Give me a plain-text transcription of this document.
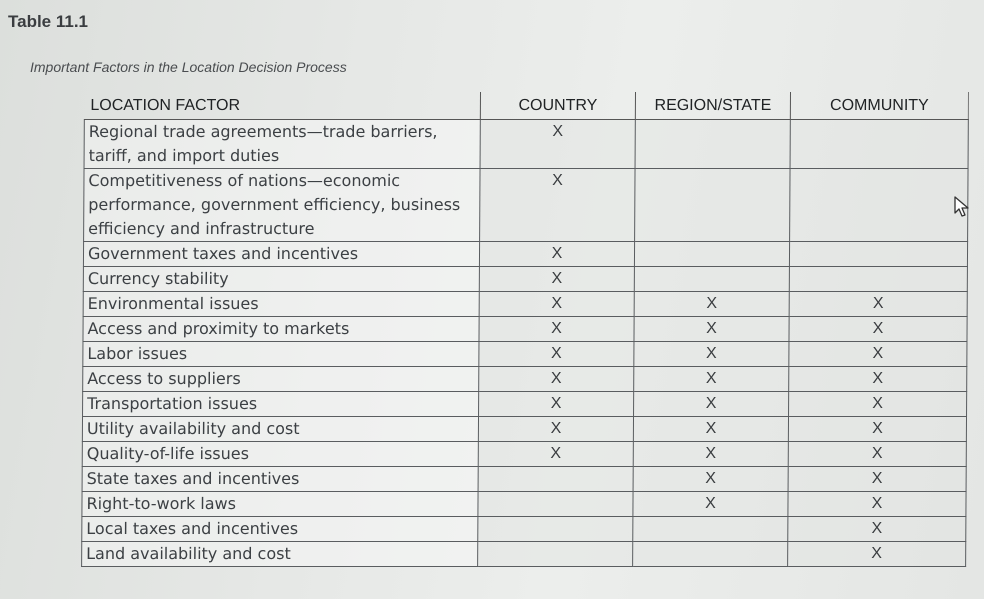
Table 11.1
Important Factors in the Location Decision Process
LOCATION FACTOR	COUNTRY	REGION/STATE	COMMUNITY
Regional trade agreements—trade barriers, tariff, and import duties	X		
Competitiveness of nations—economic performance, government efficiency, business efficiency and infrastructure	X		
Government taxes and incentives	X		
Currency stability	X		
Environmental issues	X	X	X
Access and proximity to markets	X	X	X
Labor issues	X	X	X
Access to suppliers	X	X	X
Transportation issues	X	X	X
Utility availability and cost	X	X	X
Quality-of-life issues	X	X	X
State taxes and incentives		X	X
Right-to-work laws		X	X
Local taxes and incentives			X
Land availability and cost			X
